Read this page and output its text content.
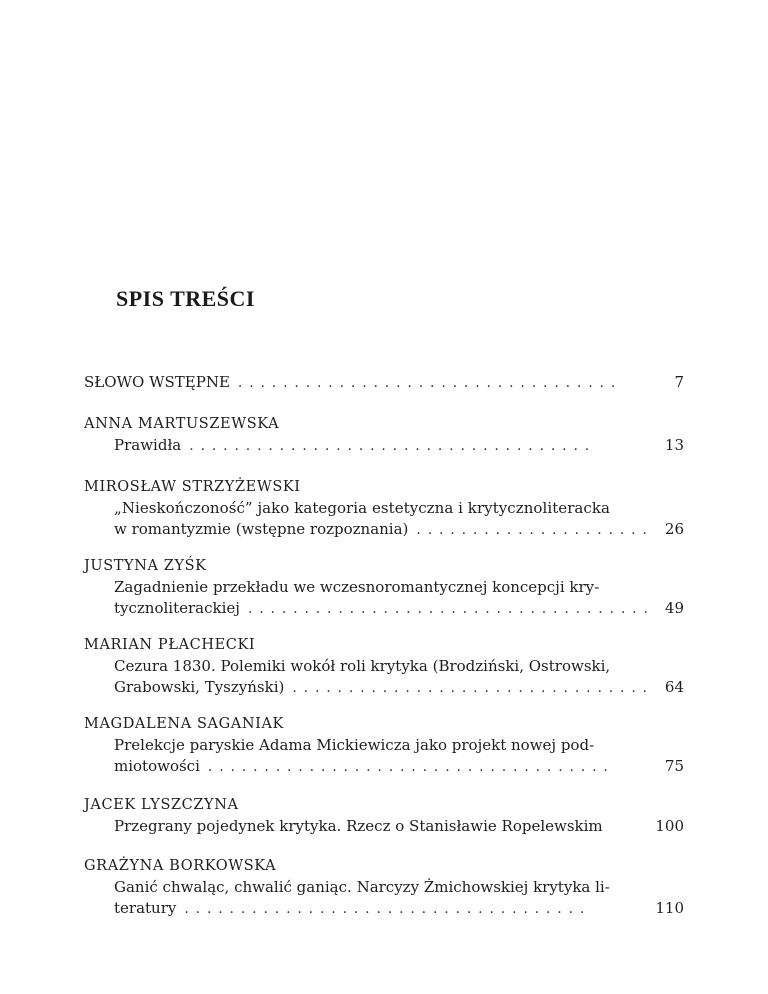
SPIS TREŚCI
SŁOWO WSTĘPNE . . .	7
ANNA MARTUSZEWSKA
Prawidła . . .	13
MIROSŁAW STRZYŻEWSKI
„Nieskończoność” jako kategoria estetyczna i krytycznoliteracka
w romantyzmie (wstępne rozpoznania) . . .	26
JUSTYNA ZYŚK
Zagadnienie przekładu we wczesnoromantycznej koncepcji kry-
tycznoliterackiej . . .	49
MARIAN PŁACHECKI
Cezura 1830. Polemiki wokół roli krytyka (Brodziński, Ostrowski,
Grabowski, Tyszyński) . . .	64
MAGDALENA SAGANIAK
Prelekcje paryskie Adama Mickiewicza jako projekt nowej pod-
miotowości . . .	75
JACEK LYSZCZYNA
Przegrany pojedynek krytyka. Rzecz o Stanisławie Ropelewskim	100
GRAŻYNA BORKOWSKA
Ganić chwaląc, chwalić ganiąc. Narcyzy Żmichowskiej krytyka li-
teratury . . .	110
